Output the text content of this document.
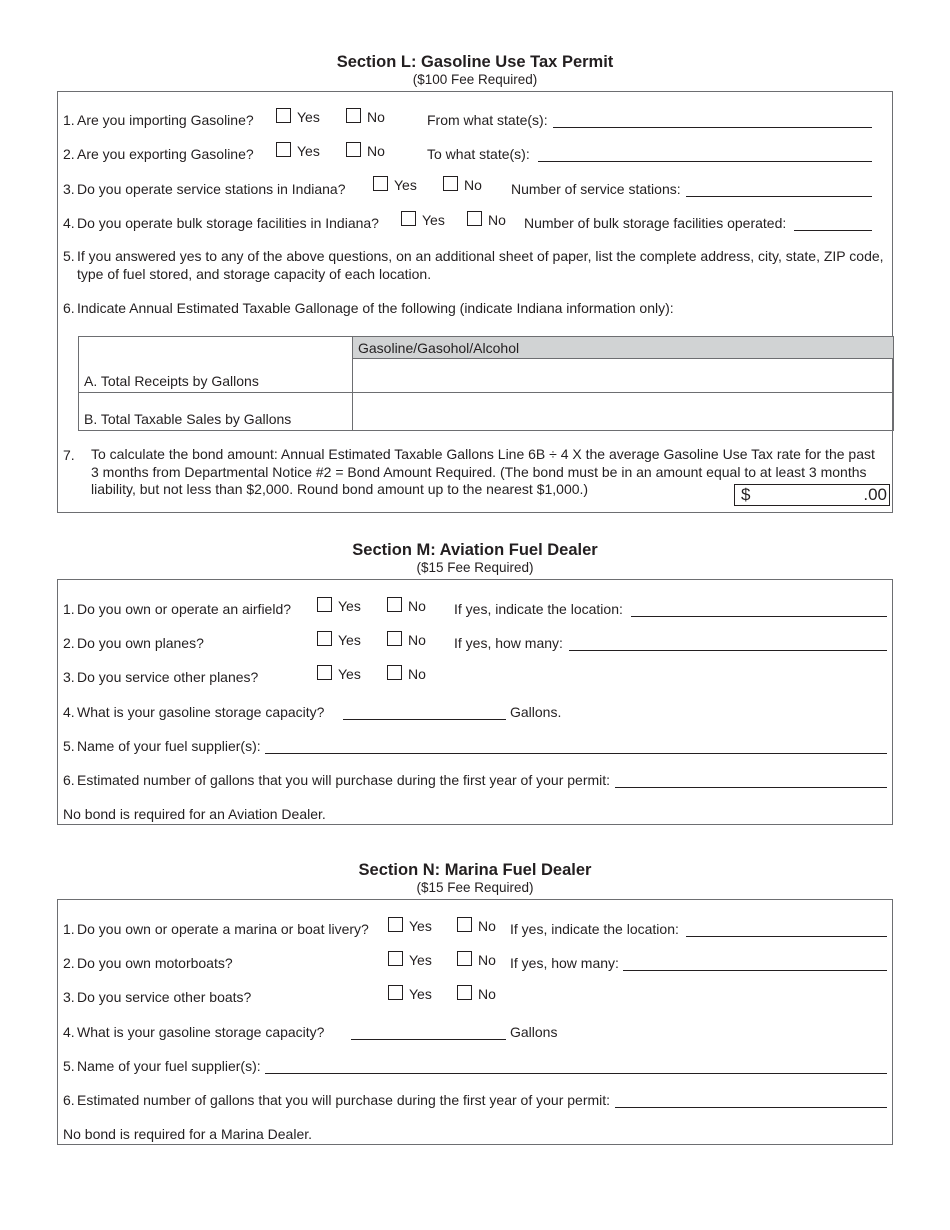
Section L: Gasoline Use Tax Permit
($100 Fee Required)
1. Are you importing Gasoline?	Yes	No	From what state(s):
2. Are you exporting Gasoline?	Yes	No	To what state(s):
3. Do you operate service stations in Indiana?	Yes	No Number of service stations:
4. Do you operate bulk storage facilities in Indiana?	Yes	No Number of bulk storage facilities operated:
5. If you answered yes to any of the above questions, on an additional sheet of paper, list the complete address, city, state, ZIP code,
type of fuel stored, and storage capacity of each location.
6. Indicate Annual Estimated Taxable Gallonage of the following (indicate Indiana information only):
	Gasoline/Gasohol/Alcohol
A. Total Receipts by Gallons	
B. Total Taxable Sales by Gallons	
7. To calculate the bond amount: Annual Estimated Taxable Gallons Line 6B ÷ 4 X the average Gasoline Use Tax rate for the past
3 months from Departmental Notice #2 = Bond Amount Required. (The bond must be in an amount equal to at least 3 months
liability, but not less than $2,000. Round bond amount up to the nearest $1,000.)	$	.00
Section M: Aviation Fuel Dealer
($15 Fee Required)
1. Do you own or operate an airfield?	Yes	No If yes, indicate the location:
2. Do you own planes?	Yes	No If yes, how many:
3. Do you service other planes?	Yes	No
4. What is your gasoline storage capacity?	Gallons.
5. Name of your fuel supplier(s):
6. Estimated number of gallons that you will purchase during the first year of your permit:
No bond is required for an Aviation Dealer.
Section N: Marina Fuel Dealer
($15 Fee Required)
1. Do you own or operate a marina or boat livery?	Yes	No If yes, indicate the location:
2. Do you own motorboats?	Yes	No If yes, how many:
3. Do you service other boats?	Yes	No
4. What is your gasoline storage capacity?	Gallons
5. Name of your fuel supplier(s):
6. Estimated number of gallons that you will purchase during the first year of your permit:
No bond is required for a Marina Dealer.
